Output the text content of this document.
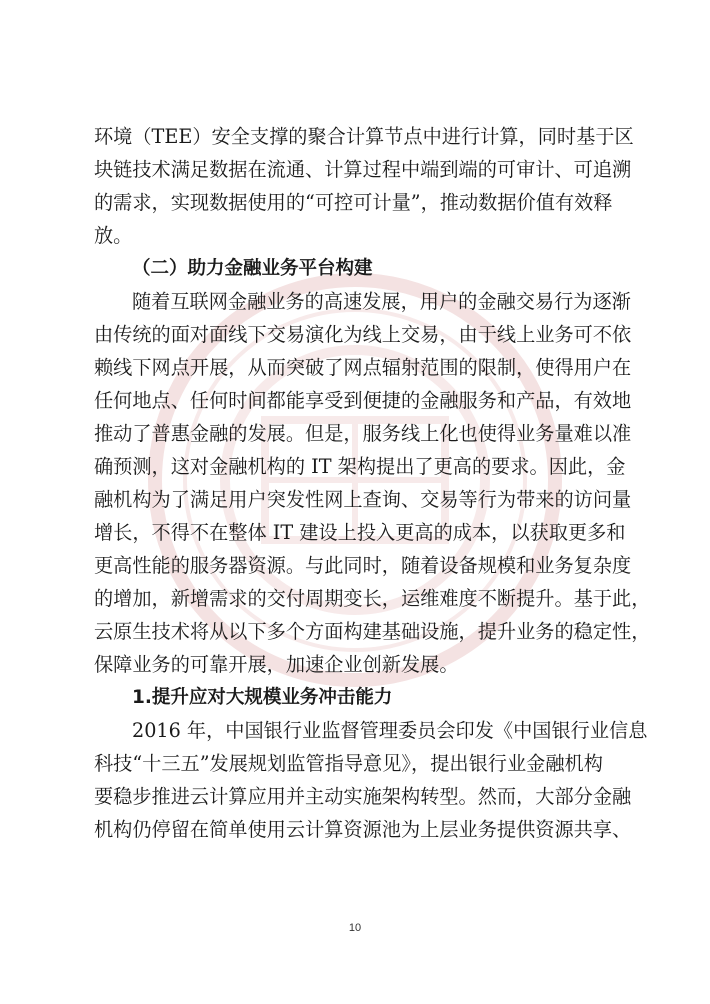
环境（TEE）安全支撑的聚合计算节点中进行计算，同时基于区
块链技术满足数据在流通、计算过程中端到端的可审计、可追溯
的需求，实现数据使用的“可控可计量”，推动数据价值有效释
放。
（二）助力金融业务平台构建
随着互联网金融业务的高速发展，用户的金融交易行为逐渐
由传统的面对面线下交易演化为线上交易，由于线上业务可不依
赖线下网点开展，从而突破了网点辐射范围的限制，使得用户在
任何地点、任何时间都能享受到便捷的金融服务和产品，有效地
推动了普惠金融的发展。但是，服务线上化也使得业务量难以准
确预测，这对金融机构的 IT 架构提出了更高的要求。因此，金
融机构为了满足用户突发性网上查询、交易等行为带来的访问量
增长，不得不在整体 IT 建设上投入更高的成本，以获取更多和
更高性能的服务器资源。与此同时，随着设备规模和业务复杂度
的增加，新增需求的交付周期变长，运维难度不断提升。基于此，
云原生技术将从以下多个方面构建基础设施，提升业务的稳定性，
保障业务的可靠开展，加速企业创新发展。
1.提升应对大规模业务冲击能力
2016 年，中国银行业监督管理委员会印发《中国银行业信息
科技“十三五”发展规划监管指导意见》，提出银行业金融机构
要稳步推进云计算应用并主动实施架构转型。然而，大部分金融
机构仍停留在简单使用云计算资源池为上层业务提供资源共享、
10
